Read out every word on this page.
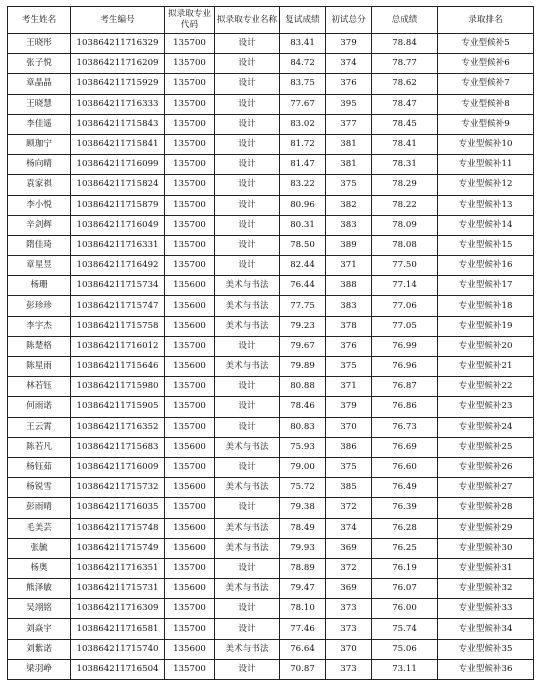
考生姓名	考生编号	拟录取专业代码	拟录取专业名称	复试成绩	初试总分	总成绩	录取排名
王晓彤	103864211716329	135700	设计	83.41	379	78.84	专业型候补5
张子悦	103864211716209	135700	设计	84.72	374	78.77	专业型候补6
章晶晶	103864211715929	135700	设计	83.75	376	78.62	专业型候补7
王晓慧	103864211716333	135700	设计	77.67	395	78.47	专业型候补8
李佳遥	103864211715843	135700	设计	83.02	377	78.45	专业型候补9
顾珈宁	103864211715841	135700	设计	81.72	381	78.41	专业型候补10
杨向晴	103864211716099	135700	设计	81.47	381	78.31	专业型候补11
袁家祺	103864211715824	135700	设计	83.22	375	78.29	专业型候补12
李小悦	103864211715879	135700	设计	80.96	382	78.22	专业型候补13
辛剑辉	103864211716049	135700	设计	80.31	383	78.09	专业型候补14
隋佳琦	103864211716331	135700	设计	78.50	389	78.08	专业型候补15
章星昱	103864211716492	135700	设计	82.44	371	77.50	专业型候补16
杨珊	103864211715734	135600	美术与书法	76.44	388	77.14	专业型候补17
彭珍珍	103864211715747	135600	美术与书法	77.75	383	77.06	专业型候补18
李宇杰	103864211715758	135600	美术与书法	79.23	378	77.05	专业型候补19
陈楚格	103864211716012	135700	设计	79.67	376	76.99	专业型候补20
陈星雨	103864211715646	135600	美术与书法	79.89	375	76.96	专业型候补21
林若钰	103864211715980	135700	设计	80.88	371	76.87	专业型候补22
何雨诺	103864211715905	135700	设计	78.46	379	76.86	专业型候补23
王云霄	103864211716352	135700	设计	80.83	370	76.73	专业型候补24
陈若凡	103864211715683	135600	美术与书法	75.93	386	76.69	专业型候补25
杨钰茹	103864211716009	135700	设计	79.00	375	76.60	专业型候补26
杨锐雪	103864211715732	135600	美术与书法	75.72	385	76.49	专业型候补27
彭雨晴	103864211716035	135700	设计	79.38	372	76.39	专业型候补28
毛美芸	103864211715748	135600	美术与书法	78.49	374	76.28	专业型候补29
张毓	103864211715749	135600	美术与书法	79.93	369	76.25	专业型候补30
杨奥	103864211716351	135700	设计	78.89	372	76.19	专业型候补31
熊泽敏	103864211715731	135600	美术与书法	79.47	369	76.07	专业型候补32
吴翊铭	103864211716309	135700	设计	78.10	373	76.00	专业型候补33
刘焱宇	103864211716581	135700	设计	77.46	373	75.74	专业型候补34
刘紫诺	103864211715740	135600	美术与书法	76.64	370	75.06	专业型候补35
梁羽峥	103864211716504	135700	设计	70.87	373	73.11	专业型候补36
